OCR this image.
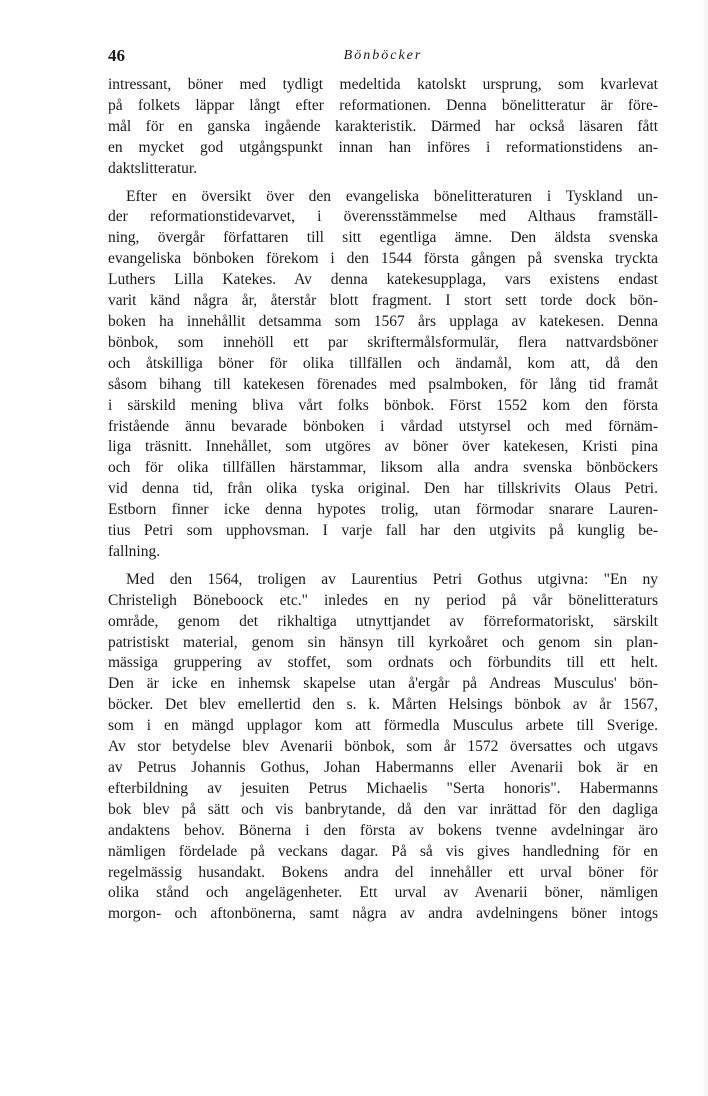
46	Bönböcker

intressant, böner med tydligt medeltida katolskt ursprung, som kvarlevat
på folkets läppar långt efter reformationen. Denna bönelitteratur är före-
mål för en ganska ingående karakteristik. Därmed har också läsaren fått
en mycket god utgångspunkt innan han införes i reformationstidens an-
daktslitteratur.

Efter en översikt över den evangeliska bönelitteraturen i Tyskland un-
der reformationstidevarvet, i överensstämmelse med Althaus framställ-
ning, övergår författaren till sitt egentliga ämne. Den äldsta svenska
evangeliska bönboken förekom i den 1544 första gången på svenska tryckta
Luthers Lilla Katekes. Av denna katekesupplaga, vars existens endast
varit känd några år, återstår blott fragment. I stort sett torde dock bön-
boken ha innehållit detsamma som 1567 års upplaga av katekesen. Denna
bönbok, som innehöll ett par skriftermålsformulär, flera nattvardsböner
och åtskilliga böner för olika tillfällen och ändamål, kom att, då den
såsom bihang till katekesen förenades med psalmboken, för lång tid framåt
i särskild mening bliva vårt folks bönbok. Först 1552 kom den första
fristående ännu bevarade bönboken i vårdad utstyrsel och med förnäm-
liga träsnitt. Innehållet, som utgöres av böner över katekesen, Kristi pina
och för olika tillfällen härstammar, liksom alla andra svenska bönböckers
vid denna tid, från olika tyska original. Den har tillskrivits Olaus Petri.
Estborn finner icke denna hypotes trolig, utan förmodar snarare Lauren-
tius Petri som upphovsman. I varje fall har den utgivits på kunglig be-
fallning.

Med den 1564, troligen av Laurentius Petri Gothus utgivna: "En ny
Christeligh Böneboock etc." inledes en ny period på vår bönelitteraturs
område, genom det rikhaltiga utnyttjandet av förreformatoriskt, särskilt
patristiskt material, genom sin hänsyn till kyrkoåret och genom sin plan-
mässiga gruppering av stoffet, som ordnats och förbundits till ett helt.
Den är icke en inhemsk skapelse utan å'ergår på Andreas Musculus' bön-
böcker. Det blev emellertid den s. k. Mårten Helsings bönbok av år 1567,
som i en mängd upplagor kom att förmedla Musculus arbete till Sverige.
Av stor betydelse blev Avenarii bönbok, som år 1572 översattes och utgavs
av Petrus Johannis Gothus, Johan Habermanns eller Avenarii bok är en
efterbildning av jesuiten Petrus Michaelis "Serta honoris". Habermanns
bok blev på sätt och vis banbrytande, då den var inrättad för den dagliga
andaktens behov. Bönerna i den första av bokens tvenne avdelningar äro
nämligen fördelade på veckans dagar. På så vis gives handledning för en
regelmässig husandakt. Bokens andra del innehåller ett urval böner för
olika stånd och angelägenheter. Ett urval av Avenarii böner, nämligen
morgon- och aftonbönerna, samt några av andra avdelningens böner intogs
